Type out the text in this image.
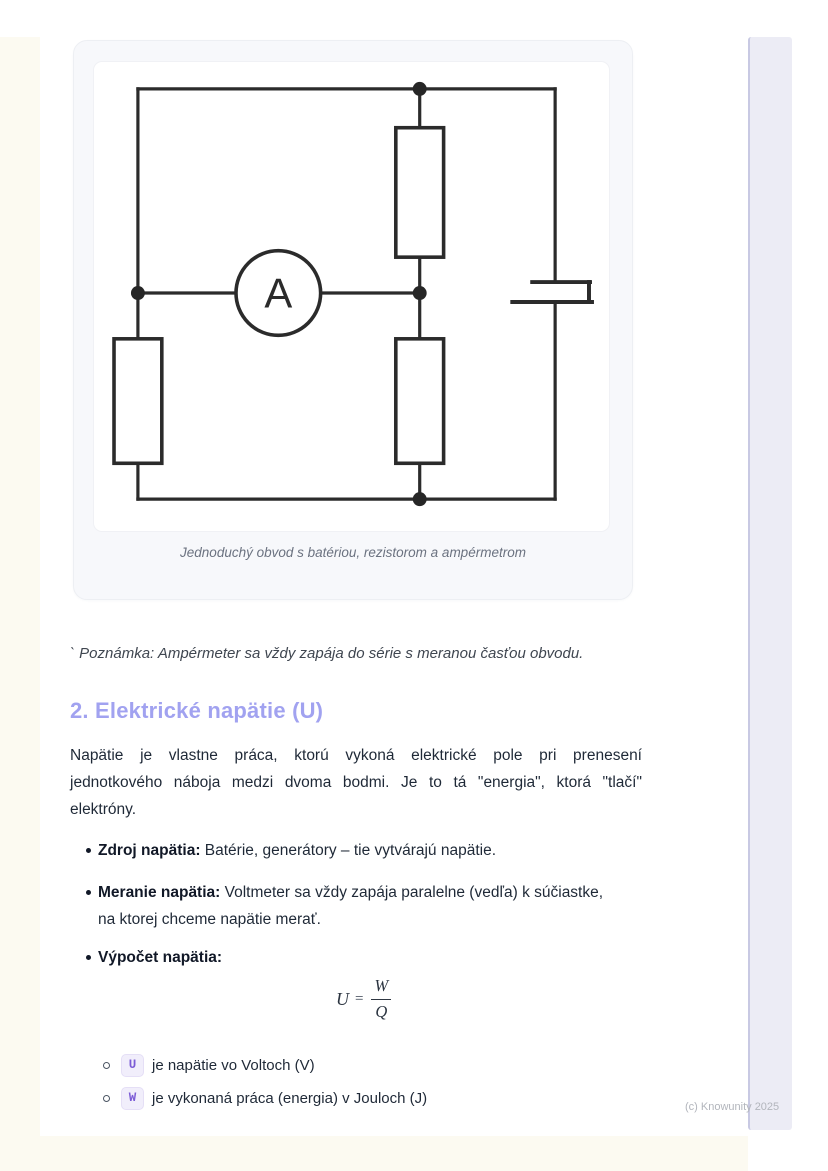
A
Jednoduchý obvod s batériou, rezistorom a ampérmetrom
` Poznámka: Ampérmeter sa vždy zapája do série s meranou časťou obvodu.
2. Elektrické napätie (U)
Napätie je vlastne práca, ktorú vykoná elektrické pole pri prenesení
jednotkového náboja medzi dvoma bodmi. Je to tá "energia", ktorá "tlačí"
elektróny.
Zdroj napätia: Batérie, generátory – tie vytvárajú napätie.
Meranie napätia: Voltmeter sa vždy zapája paralelne (vedľa) k súčiastke,
na ktorej chceme napätie merať.
Výpočet napätia:
$U = \frac{W}{Q}$
U	je napätie vo Voltoch (V)
W	je vykonaná práca (energia) v Jouloch (J)
(c) Knowunity 2025
